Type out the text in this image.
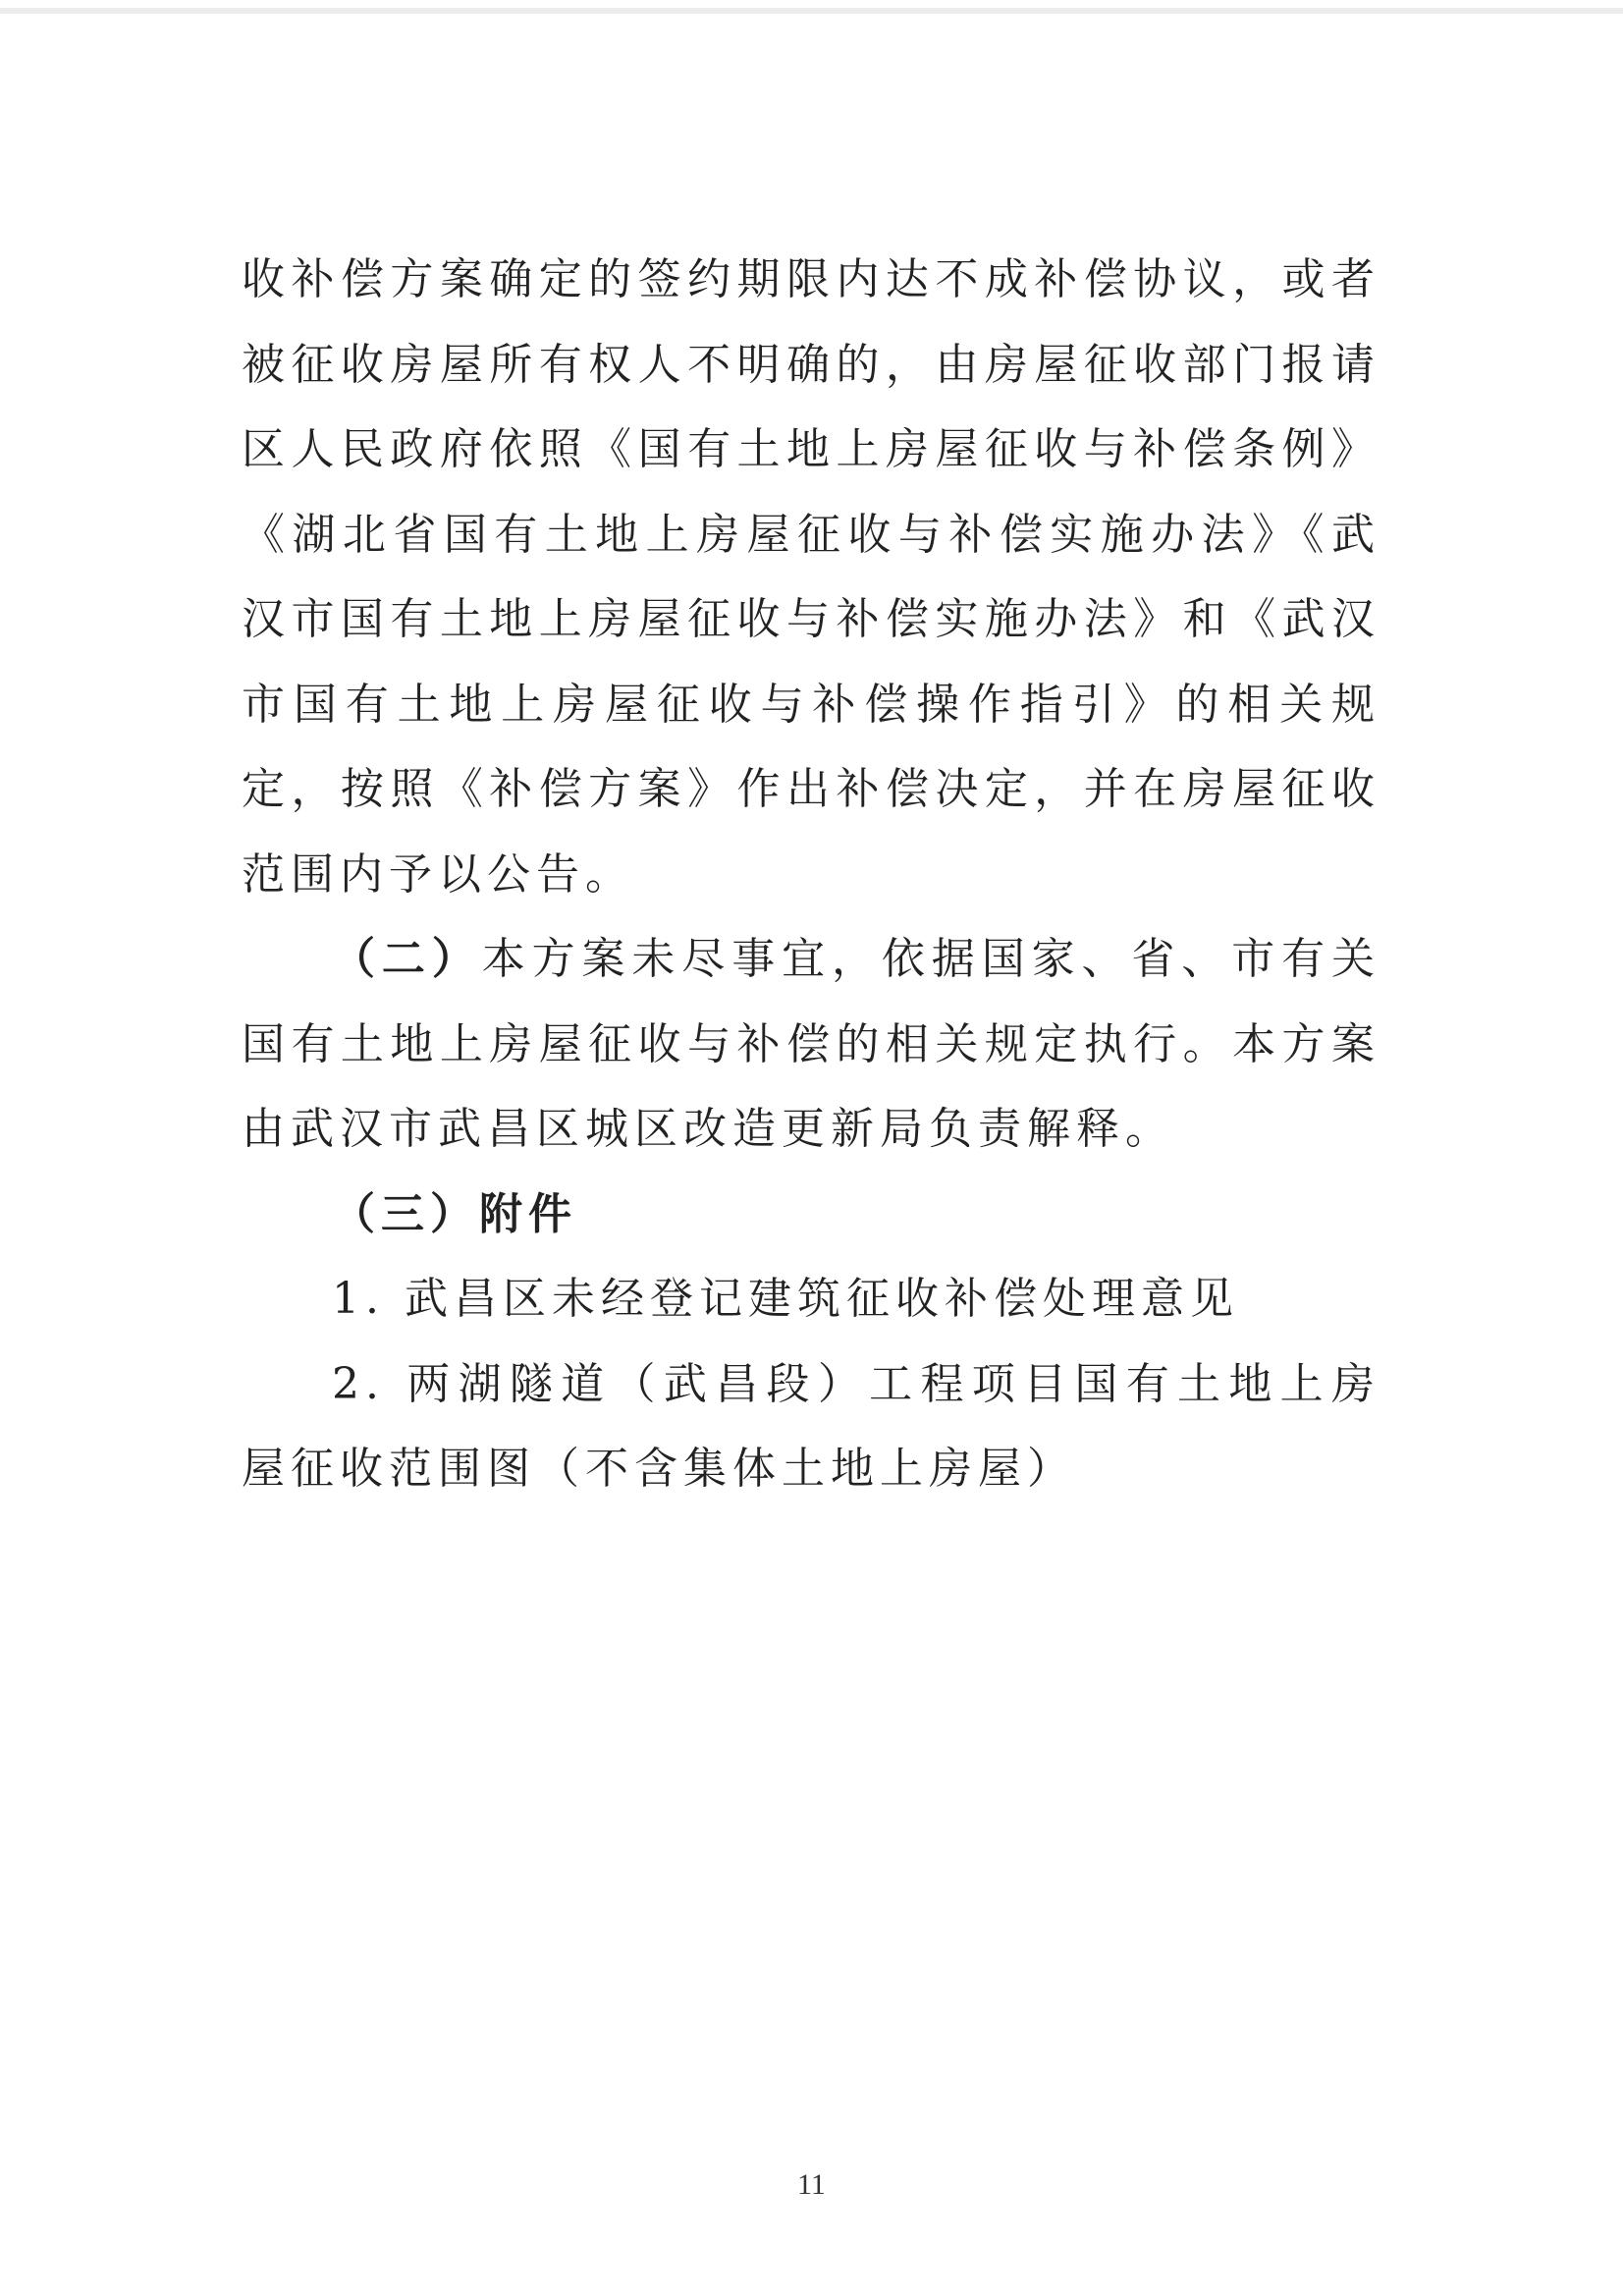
收补偿方案确定的签约期限内达不成补偿协议，或者被征收房屋所有权人不明确的，由房屋征收部门报请区人民政府依照《国有土地上房屋征收与补偿条例》《湖北省国有土地上房屋征收与补偿实施办法》《武汉市国有土地上房屋征收与补偿实施办法》和《武汉市国有土地上房屋征收与补偿操作指引》的相关规定，按照《补偿方案》作出补偿决定，并在房屋征收范围内予以公告。

（二）本方案未尽事宜，依据国家、省、市有关国有土地上房屋征收与补偿的相关规定执行。本方案由武汉市武昌区城区改造更新局负责解释。

（三）附件

1. 武昌区未经登记建筑征收补偿处理意见

2. 两湖隧道（武昌段）工程项目国有土地上房屋征收范围图（不含集体土地上房屋）

11
